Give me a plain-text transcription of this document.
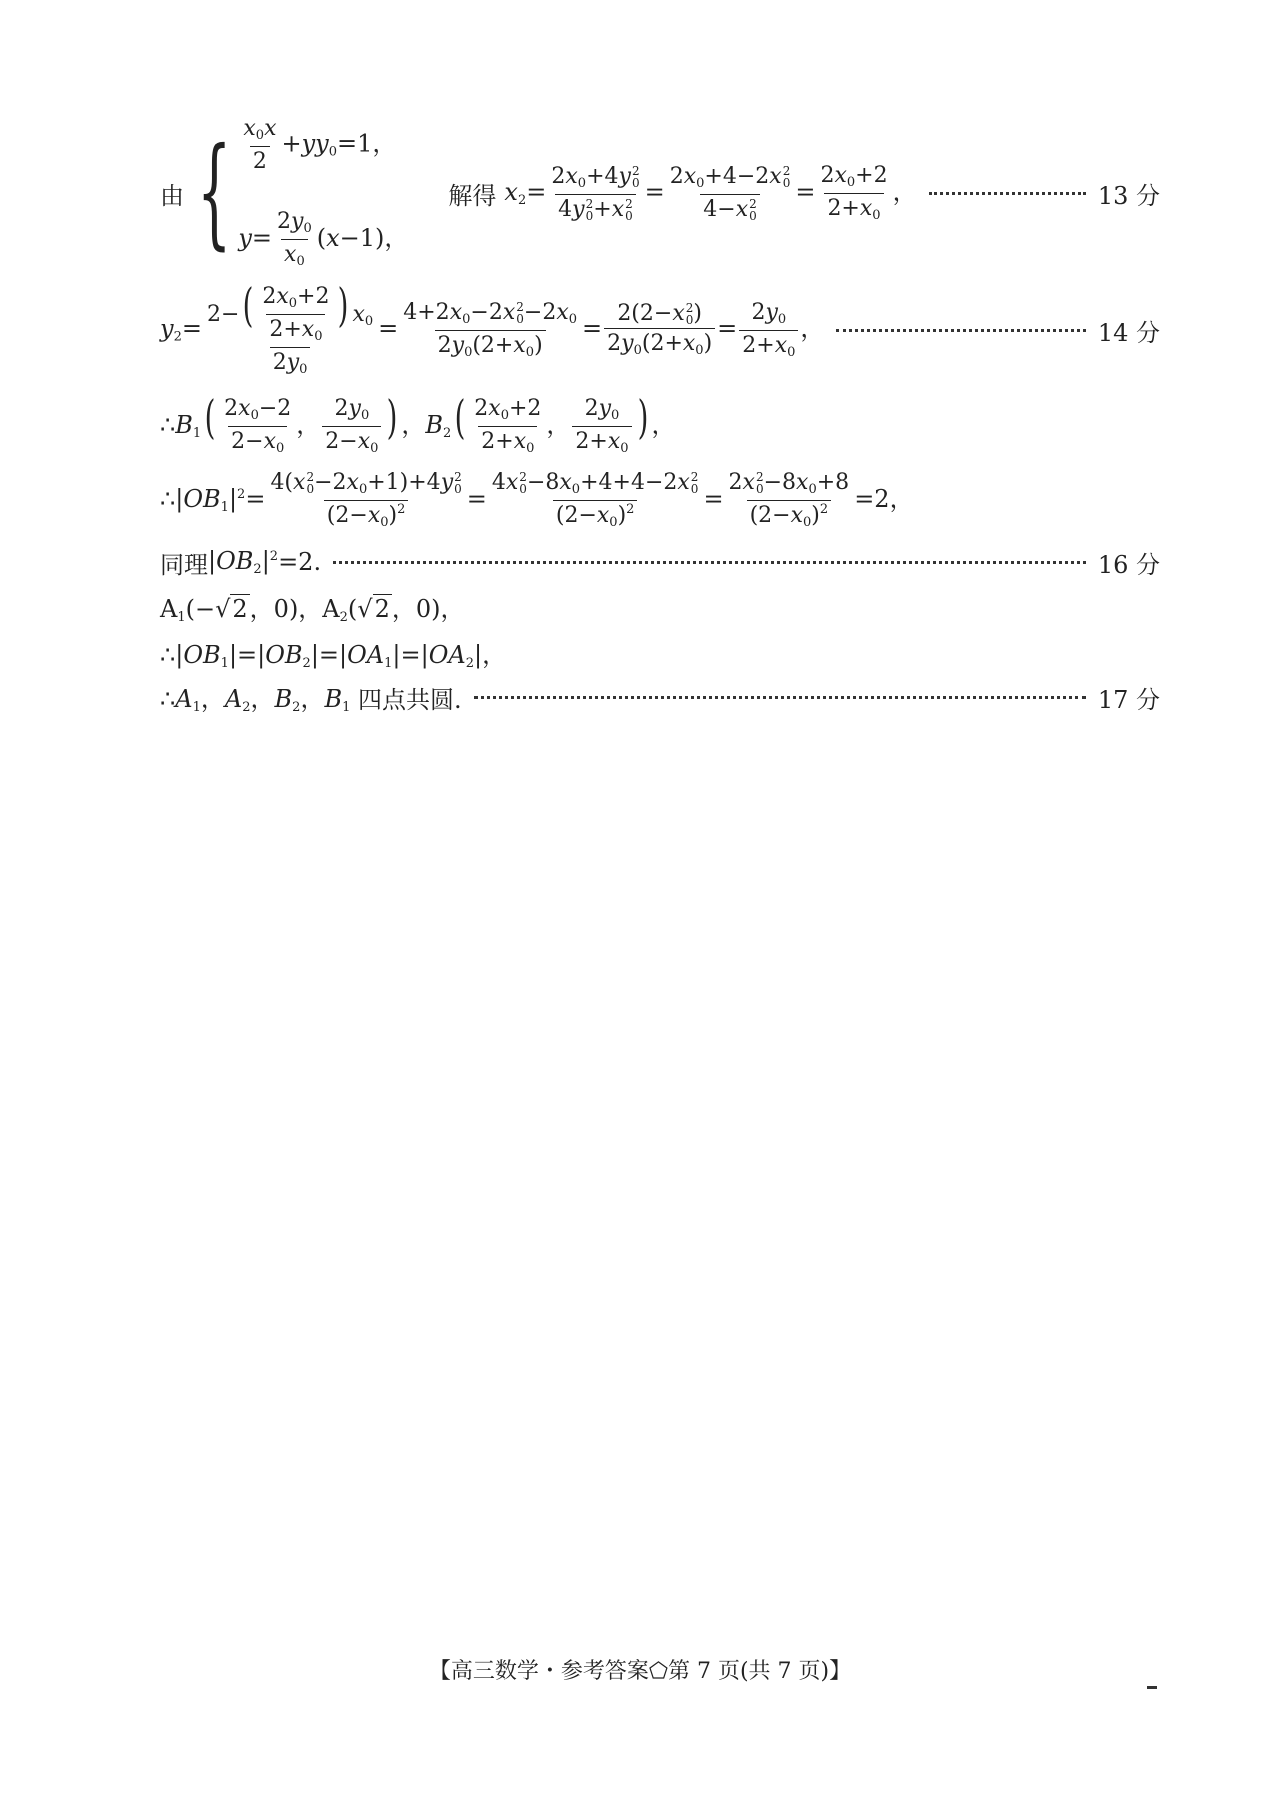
由 { $\frac{x_0x}{2} +yy_0=1$，
$y= \frac{2y_0}{x_0} (x-1)$，
解得 $x_2= 2x_0+4y$ 2
0
4y 2
0 +x 2
$0 = 2x_0+4-2x$ 2
0
4−x 2
$0 = \frac{2x_0+2}{2+x_0}$ ，	13 分
$y_2= \frac{2-( \frac{2x_0+2}{2+x_0} ) x_0}{2y_0} = 4+2x_0-2x$ 2
$0 -2x_0$
$2y_0(2+x_0) = 2(2-x$ 2
0 )
$2y_0(2+x_0) = \frac{2y_0}{2+x_0}$ ，	14 分
$\therefore B_1( \frac{2x_0-2}{2-x_0}$ ， $\frac{2y_0}{2-x_0}$ ) ，$B_2( \frac{2x_0+2}{2+x_0}$ ， $\frac{2y_0}{2+x_0}$ ) ，
$\therefore|OB_1|^2= 4(x$ 2
$0 -2x_0+1)+4y$ 2
0
$(2-x_0)^2 = 4x$ 2
$0 -8x_0+4+4-2x$ 2
0
$(2-x_0)^2 = 2x$ 2
$0 -8x_0+8$
$(2-x_0)^2 =2$，
同理 $|OB_2|^2 =2$.	16 分
$A_1(-√2$，0)，$A_2(√2$，0)，
$\therefore|OB_1|=|OB_2|=|OA_1|=|OA_2|$，
$\therefore A_1$，$A_2$，$B_2$，$B_1$ 四点共圆.	17 分
【高三数学・参考答案⬠第 7 页(共 7 页)】
